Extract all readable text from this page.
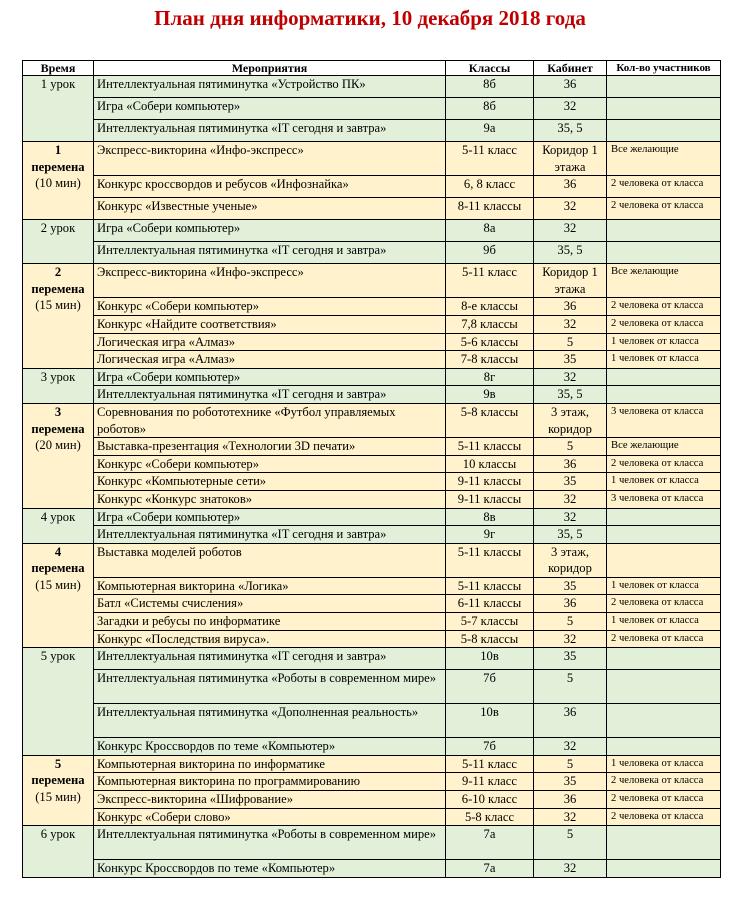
План дня информатики, 10 декабря 2018 года
Время	Мероприятия	Классы	Кабинет	Кол-во участников
1 урок	Интеллектуальная пятиминутка «Устройство ПК»	8б	36	
	Игра «Собери компьютер»	8б	32	
	Интеллектуальная пятиминутка «IT сегодня и завтра»	9а	35, 5	

1
перемена
(10 мин)	Экспресс-викторина «Инфо-экспресс»	5-11 класс	Коридор 1 этажа	Все желающие
	Конкурс кроссвордов и ребусов «Инфознайка»	6, 8 класс	36	2 человека от класса
	Конкурс «Известные ученые»	8-11 классы	32	2 человека от класса
2 урок	Игра «Собери компьютер»	8а	32	
	Интеллектуальная пятиминутка «IT сегодня и завтра»	9б	35, 5	

2
перемена
(15 мин)	Экспресс-викторина «Инфо-экспресс»	5-11 класс	Коридор 1 этажа	Все желающие
	Конкурс «Собери компьютер»	8-е классы	36	2 человека от класса
	Конкурс «Найдите соответствия»	7,8 классы	32	2 человека от класса
	Логическая игра «Алмаз»	5-6 классы	5	1 человек от класса
	Логическая игра «Алмаз»	7-8 классы	35	1 человек от класса
3 урок	Игра «Собери компьютер»	8г	32	
	Интеллектуальная пятиминутка «IT сегодня и завтра»	9в	35, 5	

3
перемена
(20 мин)	Соревнования по робототехнике «Футбол управляемых роботов»	5-8 классы	3 этаж, коридор	3 человека от класса
	Выставка-презентация «Технологии 3D печати»	5-11 классы	5	Все желающие
	Конкурс «Собери компьютер»	10 классы	36	2 человека от класса
	Конкурс «Компьютерные сети»	9-11 классы	35	1 человек от класса
	Конкурс «Конкурс знатоков»	9-11 классы	32	3 человека от класса
4 урок	Игра «Собери компьютер»	8в	32	
	Интеллектуальная пятиминутка «IT сегодня и завтра»	9г	35, 5	

4
перемена
(15 мин)	Выставка моделей роботов	5-11 классы	3 этаж, коридор	
	Компьютерная викторина «Логика»	5-11 классы	35	1 человек от класса
	Батл «Системы счисления»	6-11 классы	36	2 человека от класса
	Загадки и ребусы по информатике	5-7 классы	5	1 человек от класса
	Конкурс «Последствия вируса».	5-8 классы	32	2 человека от класса
5 урок	Интеллектуальная пятиминутка «IT сегодня и завтра»	10в	35	
	Интеллектуальная пятиминутка «Роботы в современном мире»	7б	5	
	Интеллектуальная пятиминутка «Дополненная реальность»	10в	36	
	Конкурс Кроссвордов по теме «Компьютер»	7б	32	

5
перемена
(15 мин)	Компьютерная викторина по информатике	5-11 класс	5	1 человека от класса
	Компьютерная викторина по программированию	9-11 класс	35	2 человека от класса
	Экспресс-викторина «Шифрование»	6-10 класс	36	2 человека от класса
	Конкурс «Собери слово»	5-8 класс	32	2 человека от класса
6 урок	Интеллектуальная пятиминутка «Роботы в современном мире»	7а	5	
	Конкурс Кроссвордов по теме «Компьютер»	7а	32	
